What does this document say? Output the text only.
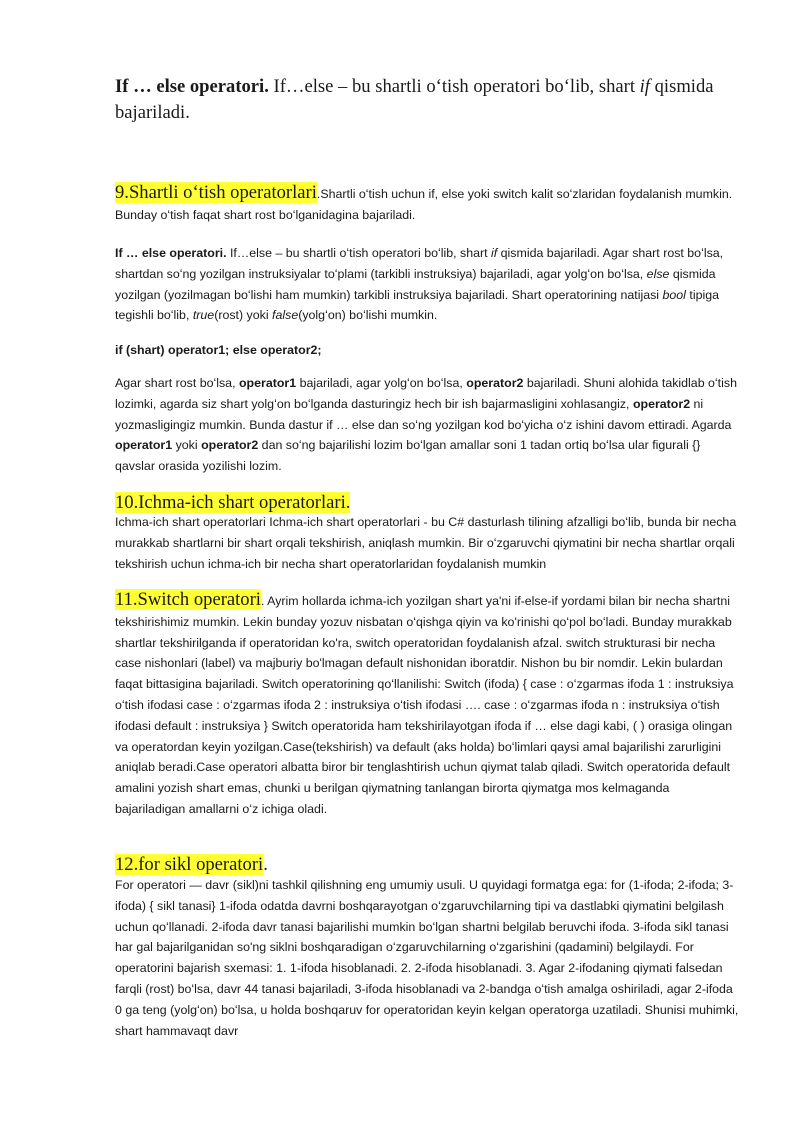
If … else operatori. If…else – bu shartli oʻtish operatori boʻlib, shart if qismida bajariladi.

9.Shartli oʻtish operatorlari.Shartli oʻtish uchun if, else yoki switch kalit soʻzlaridan foydalanish mumkin. Bunday oʻtish faqat shart rost boʻlganidagina bajariladi.

If … else operatori. If…else – bu shartli oʻtish operatori boʻlib, shart if qismida bajariladi. Agar shart rost boʻlsa, shartdan soʻng yozilgan instruksiyalar toʻplami (tarkibli instruksiya) bajariladi, agar yolgʻon boʻlsa, else qismida yozilgan (yozilmagan boʻlishi ham mumkin) tarkibli instruksiya bajariladi. Shart operatorining natijasi bool tipiga tegishli boʻlib, true(rost) yoki false(yolgʻon) boʻlishi mumkin.

if (shart) operator1; else operator2;

Agar shart rost boʻlsa, operator1 bajariladi, agar yolgʻon boʻlsa, operator2 bajariladi. Shuni alohida takidlab oʻtish lozimki, agarda siz shart yolgʻon boʻlganda dasturingiz hech bir ish bajarmasligini xohlasangiz, operator2 ni yozmasligingiz mumkin. Bunda dastur if … else dan soʻng yozilgan kod boʻyicha oʻz ishini davom ettiradi. Agarda operator1 yoki operator2 dan soʻng bajarilishi lozim boʻlgan amallar soni 1 tadan ortiq boʻlsa ular figurali {} qavslar orasida yozilishi lozim.

10.Ichma-ich shart operatorlari.

Ichma-ich shart operatorlari Ichma-ich shart operatorlari - bu C# dasturlash tilining afzalligi boʻlib, bunda bir necha murakkab shartlarni bir shart orqali tekshirish, aniqlash mumkin. Bir oʻzgaruvchi qiymatini bir necha shartlar orqali tekshirish uchun ichma-ich bir necha shart operatorlaridan foydalanish mumkin

11.Switch operatori. Ayrim hollarda ichma-ich yozilgan shart ya'ni if-else-if yordami bilan bir necha shartni tekshirishimiz mumkin. Lekin bunday yozuv nisbatan oʻqishga qiyin va ko'rinishi qoʻpol boʻladi. Bunday murakkab shartlar tekshirilganda if operatoridan ko'ra, switch operatoridan foydalanish afzal. switch strukturasi bir necha case nishonlari (label) va majburiy bo'lmagan default nishonidan iboratdir. Nishon bu bir nomdir. Lekin bulardan faqat bittasigina bajariladi. Switch operatorining qoʻllanilishi: Switch (ifoda) { case : oʻzgarmas ifoda 1 : instruksiya oʻtish ifodasi case : oʻzgarmas ifoda 2 : instruksiya oʻtish ifodasi …. case : oʻzgarmas ifoda n : instruksiya oʻtish ifodasi default : instruksiya } Switch operatorida ham tekshirilayotgan ifoda if … else dagi kabi, ( ) orasiga olingan va operatordan keyin yozilgan.Case(tekshirish) va default (aks holda) boʻlimlari qaysi amal bajarilishi zarurligini aniqlab beradi.Case operatori albatta biror bir tenglashtirish uchun qiymat talab qiladi. Switch operatorida default amalini yozish shart emas, chunki u berilgan qiymatning tanlangan birorta qiymatga mos kelmaganda bajariladigan amallarni oʻz ichiga oladi.

12.for sikl operatori.

For operatori — davr (sikl)ni tashkil qilishning eng umumiy usuli. U quyidagi formatga ega: for (1-ifoda; 2-ifoda; 3-ifoda) { sikl tanasi} 1-ifoda odatda davrni boshqarayotgan oʻzgaruvchilarning tipi va dastlabki qiymatini belgilash uchun qoʻllanadi. 2-ifoda davr tanasi bajarilishi mumkin boʻlgan shartni belgilab beruvchi ifoda. 3-ifoda sikl tanasi har gal bajarilganidan so'ng siklni boshqaradigan oʻzgaruvchilarning oʻzgarishini (qadamini) belgilaydi. For operatorini bajarish sxemasi: 1. 1-ifoda hisoblanadi. 2. 2-ifoda hisoblanadi. 3. Agar 2-ifodaning qiymati falsedan farqli (rost) boʻlsa, davr 44 tanasi bajariladi, 3-ifoda hisoblanadi va 2-bandga oʻtish amalga oshiriladi, agar 2-ifoda 0 ga teng (yolgʻon) boʻlsa, u holda boshqaruv for operatoridan keyin kelgan operatorga uzatiladi. Shunisi muhimki, shart hammavaqt davr
